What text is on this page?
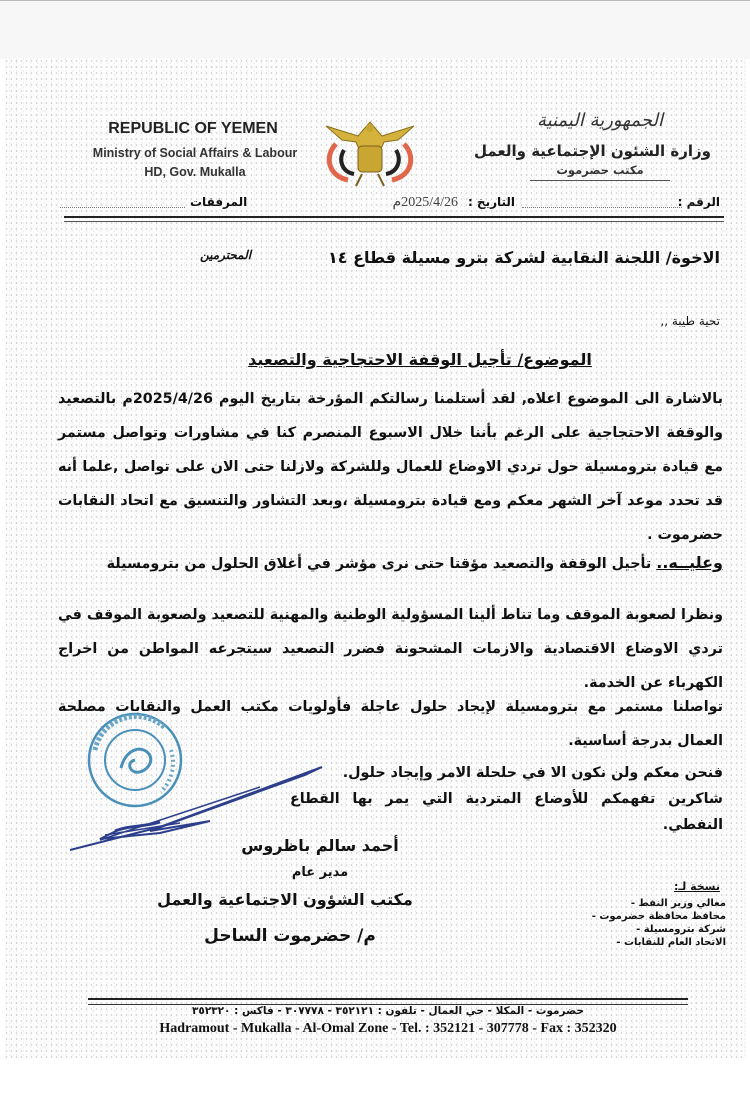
REPUBLIC OF YEMEN
Ministry of Social Affairs & Labour
HD, Gov. Mukalla
الجمهورية اليمنية
وزارة الشئون الإجتماعية والعمل
مكتب حضرموت
الرقم :
التاريخ :
2025/4/26م
المرفقات
الاخوة/ اللجنة النقابية لشركة بترو مسيلة قطاع ١٤
المحترمين
تحية طيبة ,,
الموضوع/ تأجيل الوقفة الاحتجاجية والتصعيد
بالاشارة الى الموضوع اعلاه, لقد أستلمنا رسالتكم المؤرخة بتاريخ اليوم 2025/4/26م بالتصعيد والوقفة الاحتجاجية على الرغم بأننا خلال الاسبوع المنصرم كنا في مشاورات وتواصل مستمر مع قيادة بترومسيلة حول تردي الاوضاع للعمال وللشركة ولازلنا حتى الان على تواصل ,علما أنه قد تحدد موعد آخر الشهر معكم ومع قيادة بترومسيلة ،وبعد التشاور والتنسيق مع اتحاد النقابات حضرموت .
وعليــه.. تأجيل الوقفة والتصعيد مؤقتا حتى نرى مؤشر في أغلاق الحلول من بترومسيلة
ونظرا لصعوبة الموقف وما تناط ألينا المسؤولية الوطنية والمهنية للتصعيد ولصعوبة الموقف في تردي الاوضاع الاقتصادية والازمات المشحونة فضرر التصعيد سيتجرعه المواطن من اخراج الكهرباء عن الخدمة.
تواصلنا مستمر مع بترومسيلة لإيجاد حلول عاجلة فأولويات مكتب العمل والنقابات مصلحة العمال بدرجة أساسية.
فنحن معكم ولن نكون الا في حلحلة الامر وإيجاد حلول.
شاكرين تفهمكم للأوضاع المتردية التي يمر بها القطاع النفطي.
أحمد سالم باظروس
مدير عام
مكتب الشؤون الاجتماعية والعمل
م/ حضرموت الساحل
نسخة لـ:
معالي وزير النفط -
محافظ محافظة حضرموت -
شركة بترومسيلة -
الاتحاد العام للنقابات -
حضرموت - المكلا - حي العمال - تلفون : ٣٥٢١٢١ - ٣٠٧٧٧٨ - فاكس : ٣٥٢٣٢٠
Hadramout - Mukalla - Al-Omal Zone - Tel. : 352121 - 307778 - Fax : 352320
